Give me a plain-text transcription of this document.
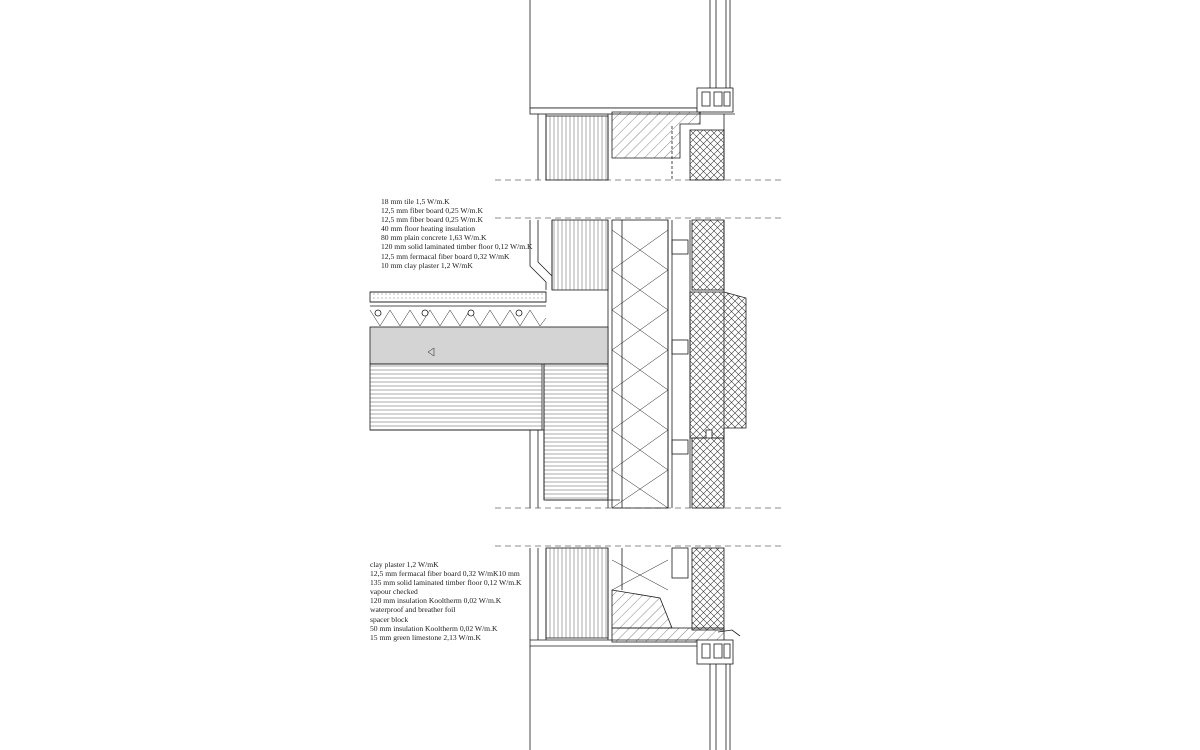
18 mm tile 1,5 W/m.K
12,5 mm fiber board 0,25 W/m.K
12,5 mm fiber board 0,25 W/m.K
40 mm floor heating insulation
80 mm plain concrete 1,63 W/m.K
120 mm solid laminated timber floor 0,12 W/m.K
12,5 mm fermacal fiber board 0,32 W/mK
10 mm clay plaster 1,2 W/mK
clay plaster 1,2 W/mK
12,5 mm fermacal fiber board 0,32 W/mK10 mm
135 mm solid laminated timber floor 0,12 W/m.K
vapour checked
120 mm insulation Kooltherm 0,02 W/m.K
waterproof and breather foil
spacer block
50 mm insulation Kooltherm 0,02 W/m.K
15 mm green limestone 2,13 W/m.K
